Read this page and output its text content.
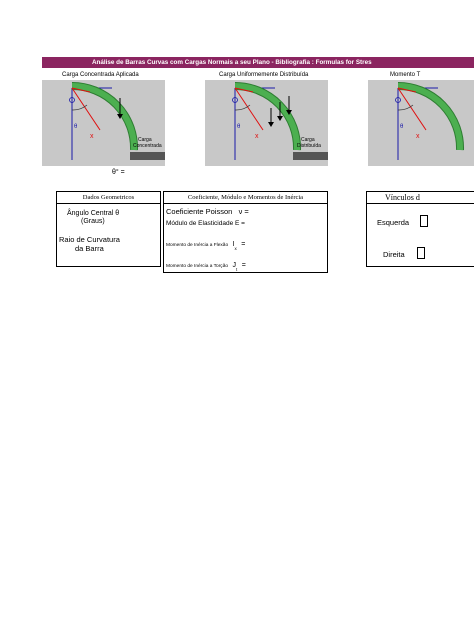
Análise de Barras Curvas com Cargas Normais a seu Plano - Bibliografia : Formulas for Stres
Carga Concentrada Aplicada	Carga Uniformemente Distribuída	Momento T
θ
x	Carga
Concentrada
θ
x	Carga
Distribuída
θ
x
θ° =
Dados Geometricos

Ângulo Central θ
(Graus)
Raio de Curvatura
da Barra
Coeficiente, Módulo e Momentos de Inércia

Coeficiente Poisson ν =
Módulo de Elasticidade E =
Momento de Inércia a Flexão $I_x$ =
Momento de Inércia a Torção $J_t$ =
Vínculos d

Esquerda
Direita
